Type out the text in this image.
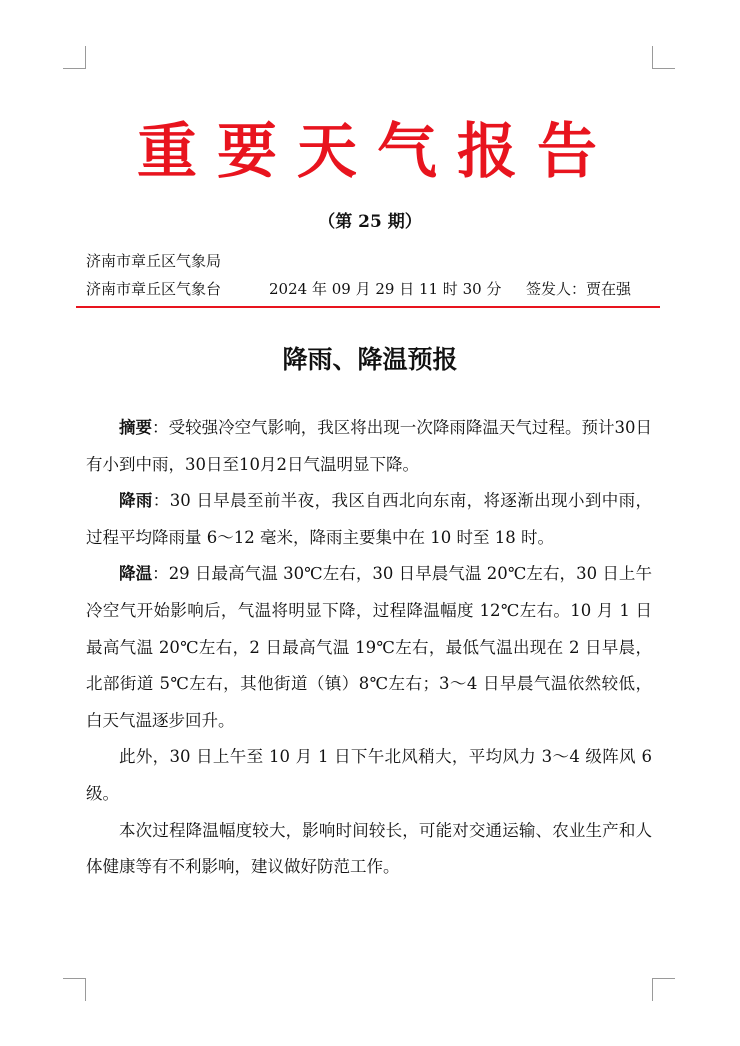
重要天气报告
（第 25 期）
济南市章丘区气象局
济南市章丘区气象台	2024 年 09 月 29 日 11 时 30 分 签发人：贾在强
降雨、降温预报

摘要：受较强冷空气影响，我区将出现一次降雨降温天气过程。预计30日有小到中雨，30日至10月2日气温明显下降。

降雨：30 日早晨至前半夜，我区自西北向东南，将逐渐出现小到中雨，过程平均降雨量 6～12 毫米，降雨主要集中在 10 时至 18 时。

降温：29 日最高气温 30℃左右，30 日早晨气温 20℃左右，30 日上午冷空气开始影响后，气温将明显下降，过程降温幅度 12℃左右。10 月 1 日最高气温 20℃左右，2 日最高气温 19℃左右，最低气温出现在 2 日早晨，北部街道 5℃左右，其他街道（镇）8℃左右；3～4 日早晨气温依然较低，白天气温逐步回升。

此外，30 日上午至 10 月 1 日下午北风稍大，平均风力 3～4 级阵风 6 级。

本次过程降温幅度较大，影响时间较长，可能对交通运输、农业生产和人体健康等有不利影响，建议做好防范工作。
